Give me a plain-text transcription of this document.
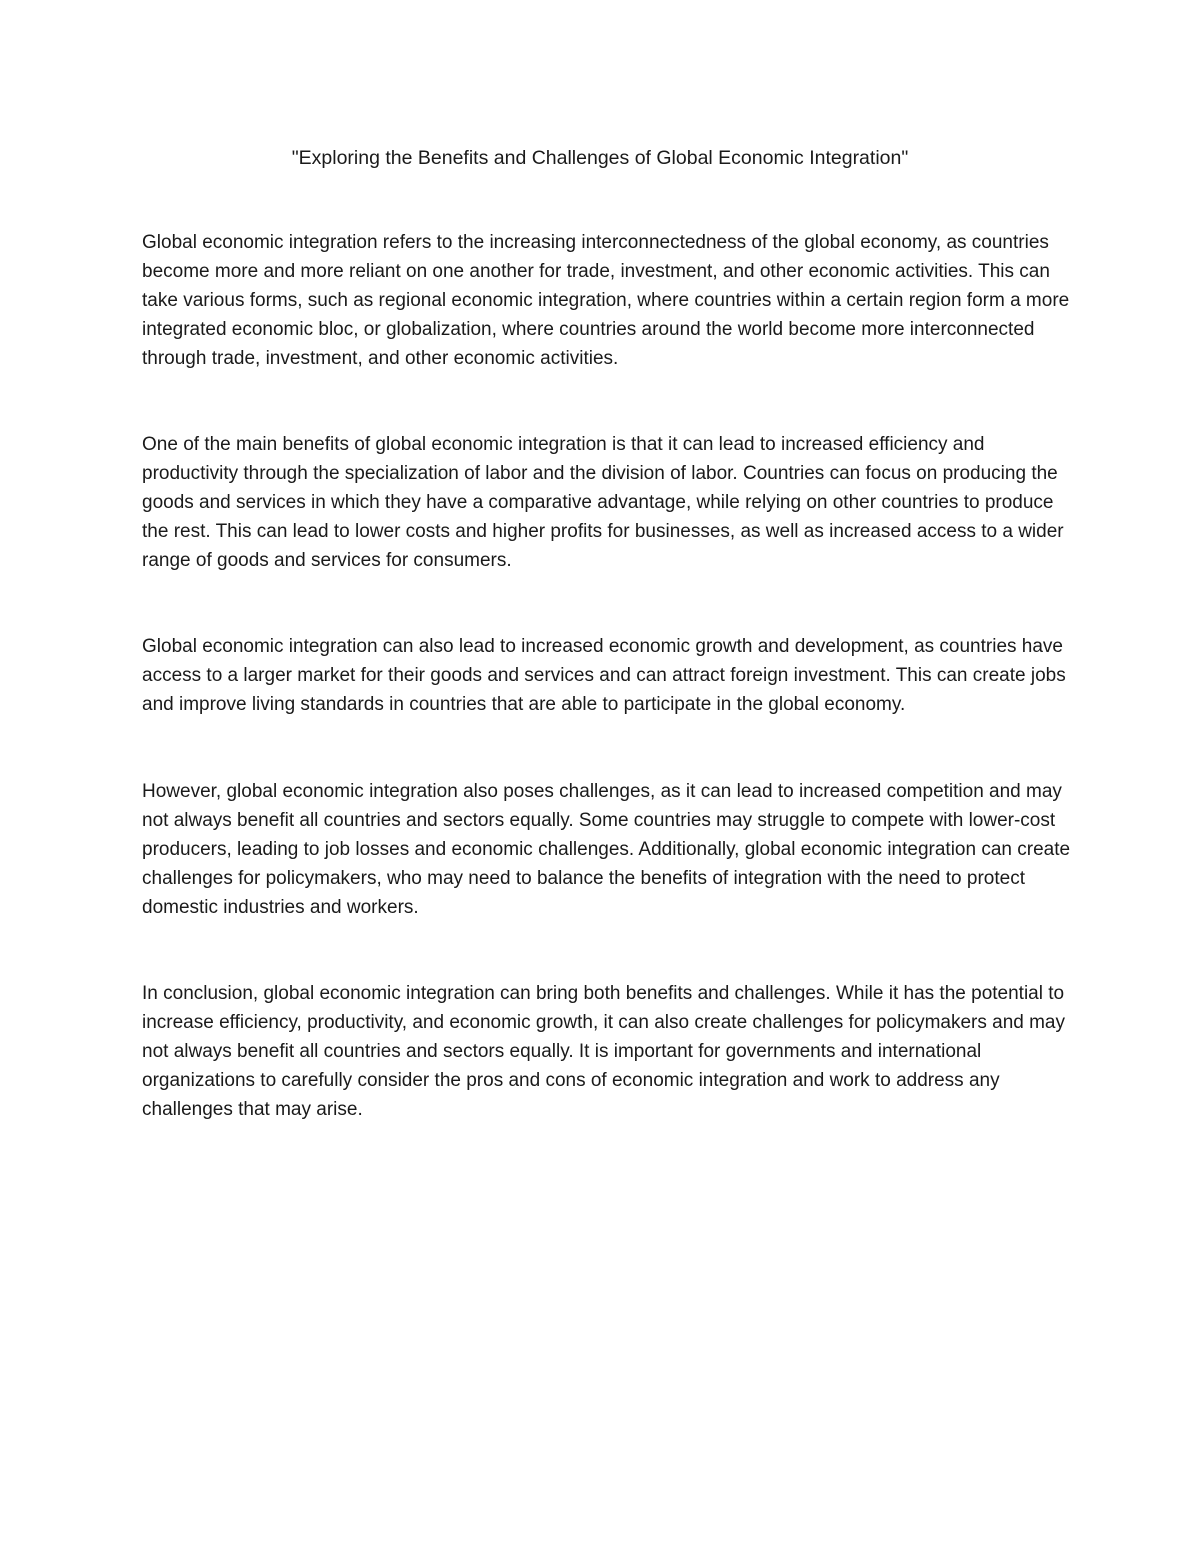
"Exploring the Benefits and Challenges of Global Economic Integration"

Global economic integration refers to the increasing interconnectedness of the global economy, as countries become more and more reliant on one another for trade, investment, and other economic activities. This can take various forms, such as regional economic integration, where countries within a certain region form a more integrated economic bloc, or globalization, where countries around the world become more interconnected through trade, investment, and other economic activities.

One of the main benefits of global economic integration is that it can lead to increased efficiency and productivity through the specialization of labor and the division of labor. Countries can focus on producing the goods and services in which they have a comparative advantage, while relying on other countries to produce the rest. This can lead to lower costs and higher profits for businesses, as well as increased access to a wider range of goods and services for consumers.

Global economic integration can also lead to increased economic growth and development, as countries have access to a larger market for their goods and services and can attract foreign investment. This can create jobs and improve living standards in countries that are able to participate in the global economy.

However, global economic integration also poses challenges, as it can lead to increased competition and may not always benefit all countries and sectors equally. Some countries may struggle to compete with lower-cost producers, leading to job losses and economic challenges. Additionally, global economic integration can create challenges for policymakers, who may need to balance the benefits of integration with the need to protect domestic industries and workers.

In conclusion, global economic integration can bring both benefits and challenges. While it has the potential to increase efficiency, productivity, and economic growth, it can also create challenges for policymakers and may not always benefit all countries and sectors equally. It is important for governments and international organizations to carefully consider the pros and cons of economic integration and work to address any challenges that may arise.
